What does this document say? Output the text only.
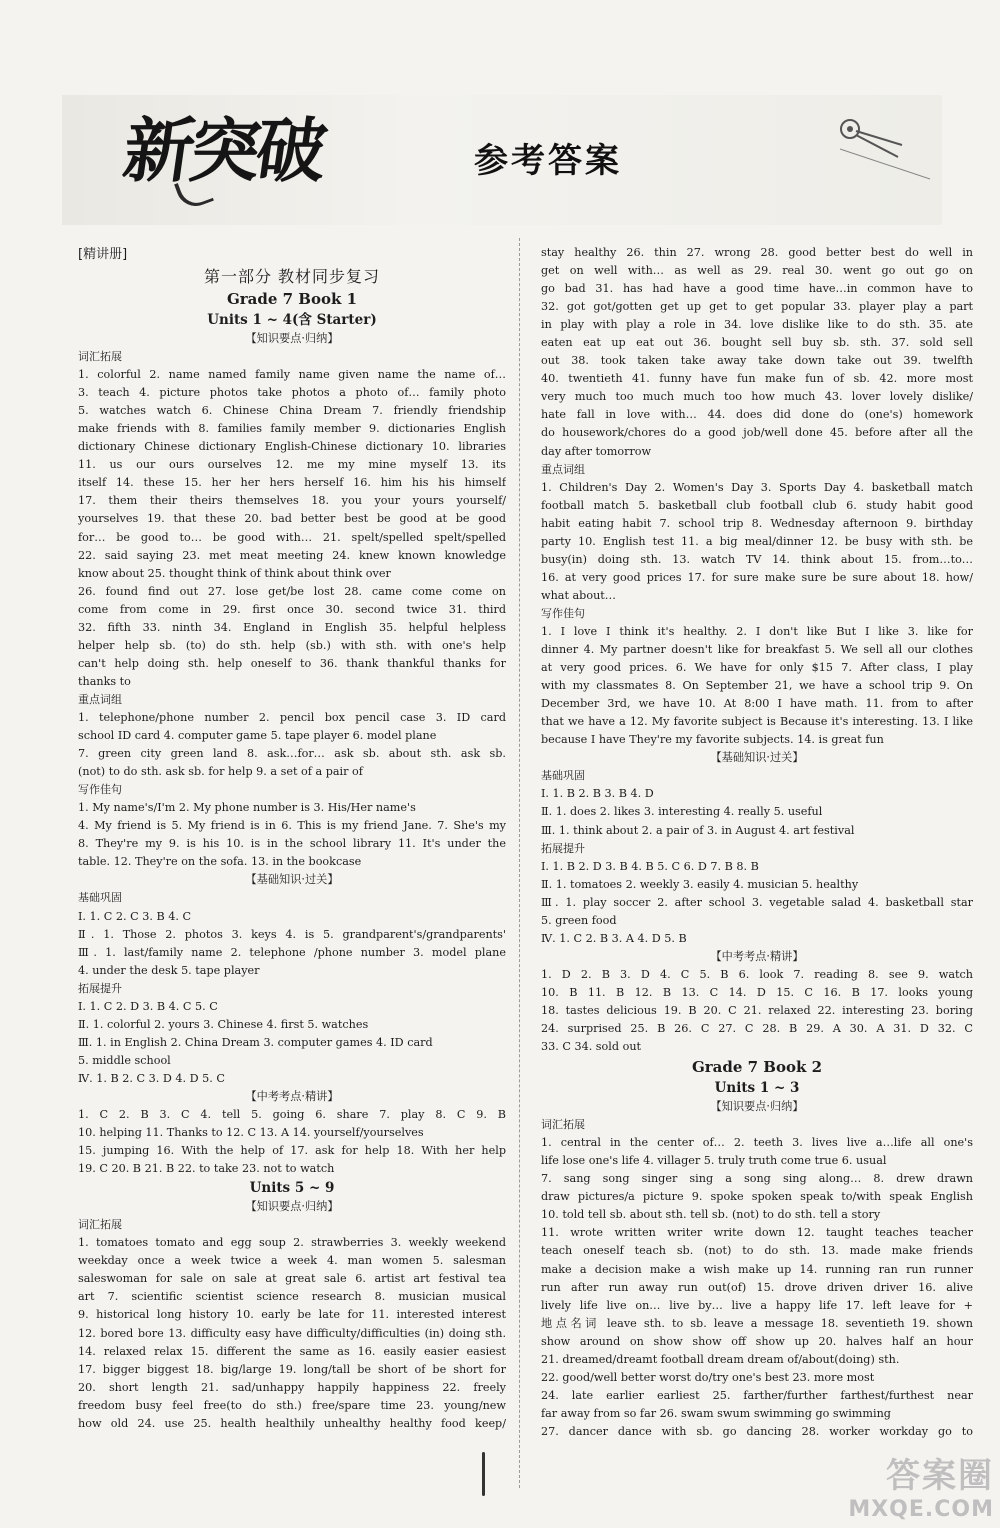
新突破	参考答案

[精讲册]

第一部分 教材同步复习

Grade 7 Book 1

Units 1 ~ 4(含 Starter)

【知识要点·归纳】

词汇拓展

1. colorful 2. name named family name given name the name of…

3. teach 4. picture photos take photos a photo of… family photo

5. watches watch 6. Chinese China Dream 7. friendly friendship

make friends with 8. families family member 9. dictionaries English

dictionary Chinese dictionary English-Chinese dictionary 10. libraries

11. us our ours ourselves 12. me my mine myself 13. its

itself 14. these 15. her her hers herself 16. him his his himself

17. them their theirs themselves 18. you your yours yourself/

yourselves 19. that these 20. bad better best be good at be good

for… be good to… be good with… 21. spelt/spelled spelt/spelled

22. said saying 23. met meat meeting 24. knew known knowledge

know about 25. thought think of think about think over

26. found find out 27. lose get/be lost 28. came come come on

come from come in 29. first once 30. second twice 31. third

32. fifth 33. ninth 34. England in English 35. helpful helpless

helper help sb. (to) do sth. help (sb.) with sth. with one's help

can't help doing sth. help oneself to 36. thank thankful thanks for

thanks to

重点词组

1. telephone/phone number 2. pencil box pencil case 3. ID card

school ID card 4. computer game 5. tape player 6. model plane

7. green city green land 8. ask…for… ask sb. about sth. ask sb.

(not) to do sth. ask sb. for help 9. a set of a pair of

写作佳句

1. My name's/I'm 2. My phone number is 3. His/Her name's

4. My friend is 5. My friend is in 6. This is my friend Jane. 7. She's my

8. They're my 9. is his 10. is in the school library 11. It's under the

table. 12. They're on the sofa. 13. in the bookcase

【基础知识·过关】

基础巩固

Ⅰ. 1. C 2. C 3. B 4. C

Ⅱ. 1. Those 2. photos 3. keys 4. is 5. grandparent's/grandparents'

Ⅲ. 1. last/family name 2. telephone /phone number 3. model plane

4. under the desk 5. tape player

拓展提升

Ⅰ. 1. C 2. D 3. B 4. C 5. C

Ⅱ. 1. colorful 2. yours 3. Chinese 4. first 5. watches

Ⅲ. 1. in English 2. China Dream 3. computer games 4. ID card

5. middle school

Ⅳ. 1. B 2. C 3. D 4. D 5. C

【中考考点·精讲】

1. C 2. B 3. C 4. tell 5. going 6. share 7. play 8. C 9. B

10. helping 11. Thanks to 12. C 13. A 14. yourself/yourselves

15. jumping 16. With the help of 17. ask for help 18. With her help

19. C 20. B 21. B 22. to take 23. not to watch

Units 5 ~ 9

【知识要点·归纳】

词汇拓展

1. tomatoes tomato and egg soup 2. strawberries 3. weekly weekend

weekday once a week twice a week 4. man women 5. salesman

saleswoman for sale on sale at great sale 6. artist art festival tea

art 7. scientific scientist science research 8. musician musical

9. historical long history 10. early be late for 11. interested interest

12. bored bore 13. difficulty easy have difficulty/difficulties (in) doing sth.

14. relaxed relax 15. different the same as 16. easily easier easiest

17. bigger biggest 18. big/large 19. long/tall be short of be short for

20. short length 21. sad/unhappy happily happiness 22. freely

freedom busy feel free(to do sth.) free/spare time 23. young/new

how old 24. use 25. health healthily unhealthy healthy food keep/

stay healthy 26. thin 27. wrong 28. good better best do well in

get on well with… as well as 29. real 30. went go out go on

go bad 31. has had have a good time have…in common have to

32. got got/gotten get up get to get popular 33. player play a part

in play with play a role in 34. love dislike like to do sth. 35. ate

eaten eat up eat out 36. bought sell buy sb. sth. 37. sold sell

out 38. took taken take away take down take out 39. twelfth

40. twentieth 41. funny have fun make fun of sb. 42. more most

very much too much much too how much 43. lover lovely dislike/

hate fall in love with… 44. does did done do (one's) homework

do housework/chores do a good job/well done 45. before after all the

day after tomorrow

重点词组

1. Children's Day 2. Women's Day 3. Sports Day 4. basketball match

football match 5. basketball club football club 6. study habit good

habit eating habit 7. school trip 8. Wednesday afternoon 9. birthday

party 10. English test 11. a big meal/dinner 12. be busy with sth. be

busy(in) doing sth. 13. watch TV 14. think about 15. from…to…

16. at very good prices 17. for sure make sure be sure about 18. how/

what about…

写作佳句

1. I love I think it's healthy. 2. I don't like But I like 3. like for

dinner 4. My partner doesn't like for breakfast 5. We sell all our clothes

at very good prices. 6. We have for only $15 7. After class, I play

with my classmates 8. On September 21, we have a school trip 9. On

December 3rd, we have 10. At 8:00 I have math. 11. from to after

that we have a 12. My favorite subject is Because it's interesting. 13. I like

because I have They're my favorite subjects. 14. is great fun

【基础知识·过关】

基础巩固

Ⅰ. 1. B 2. B 3. B 4. D

Ⅱ. 1. does 2. likes 3. interesting 4. really 5. useful

Ⅲ. 1. think about 2. a pair of 3. in August 4. art festival

拓展提升

Ⅰ. 1. B 2. D 3. B 4. B 5. C 6. D 7. B 8. B

Ⅱ. 1. tomatoes 2. weekly 3. easily 4. musician 5. healthy

Ⅲ. 1. play soccer 2. after school 3. vegetable salad 4. basketball star

5. green food

Ⅳ. 1. C 2. B 3. A 4. D 5. B

【中考考点·精讲】

1. D 2. B 3. D 4. C 5. B 6. look 7. reading 8. see 9. watch

10. B 11. B 12. B 13. C 14. D 15. C 16. B 17. looks young

18. tastes delicious 19. B 20. C 21. relaxed 22. interesting 23. boring

24. surprised 25. B 26. C 27. C 28. B 29. A 30. A 31. D 32. C

33. C 34. sold out

Grade 7 Book 2

Units 1 ~ 3

【知识要点·归纳】

词汇拓展

1. central in the center of… 2. teeth 3. lives live a…life all one's

life lose one's life 4. villager 5. truly truth come true 6. usual

7. sang song singer sing a song sing along… 8. drew drawn

draw pictures/a picture 9. spoke spoken speak to/with speak English

10. told tell sb. about sth. tell sb. (not) to do sth. tell a story

11. wrote written writer write down 12. taught teaches teacher

teach oneself teach sb. (not) to do sth. 13. made make friends

make a decision make a wish make up 14. running ran run runner

run after run away run out(of) 15. drove driven driver 16. alive

lively life live on… live by… live a happy life 17. left leave for +

地点名词 leave sth. to sb. leave a message 18. seventieth 19. shown

show around on show show off show up 20. halves half an hour

21. dreamed/dreamt football dream dream of/about(doing) sth.

22. good/well better worst do/try one's best 23. more most

24. late earlier earliest 25. farther/further farthest/furthest near

far away from so far 26. swam swum swimming go swimming

27. dancer dance with sb. go dancing 28. worker workday go to

答案圈
MXQE.COM
